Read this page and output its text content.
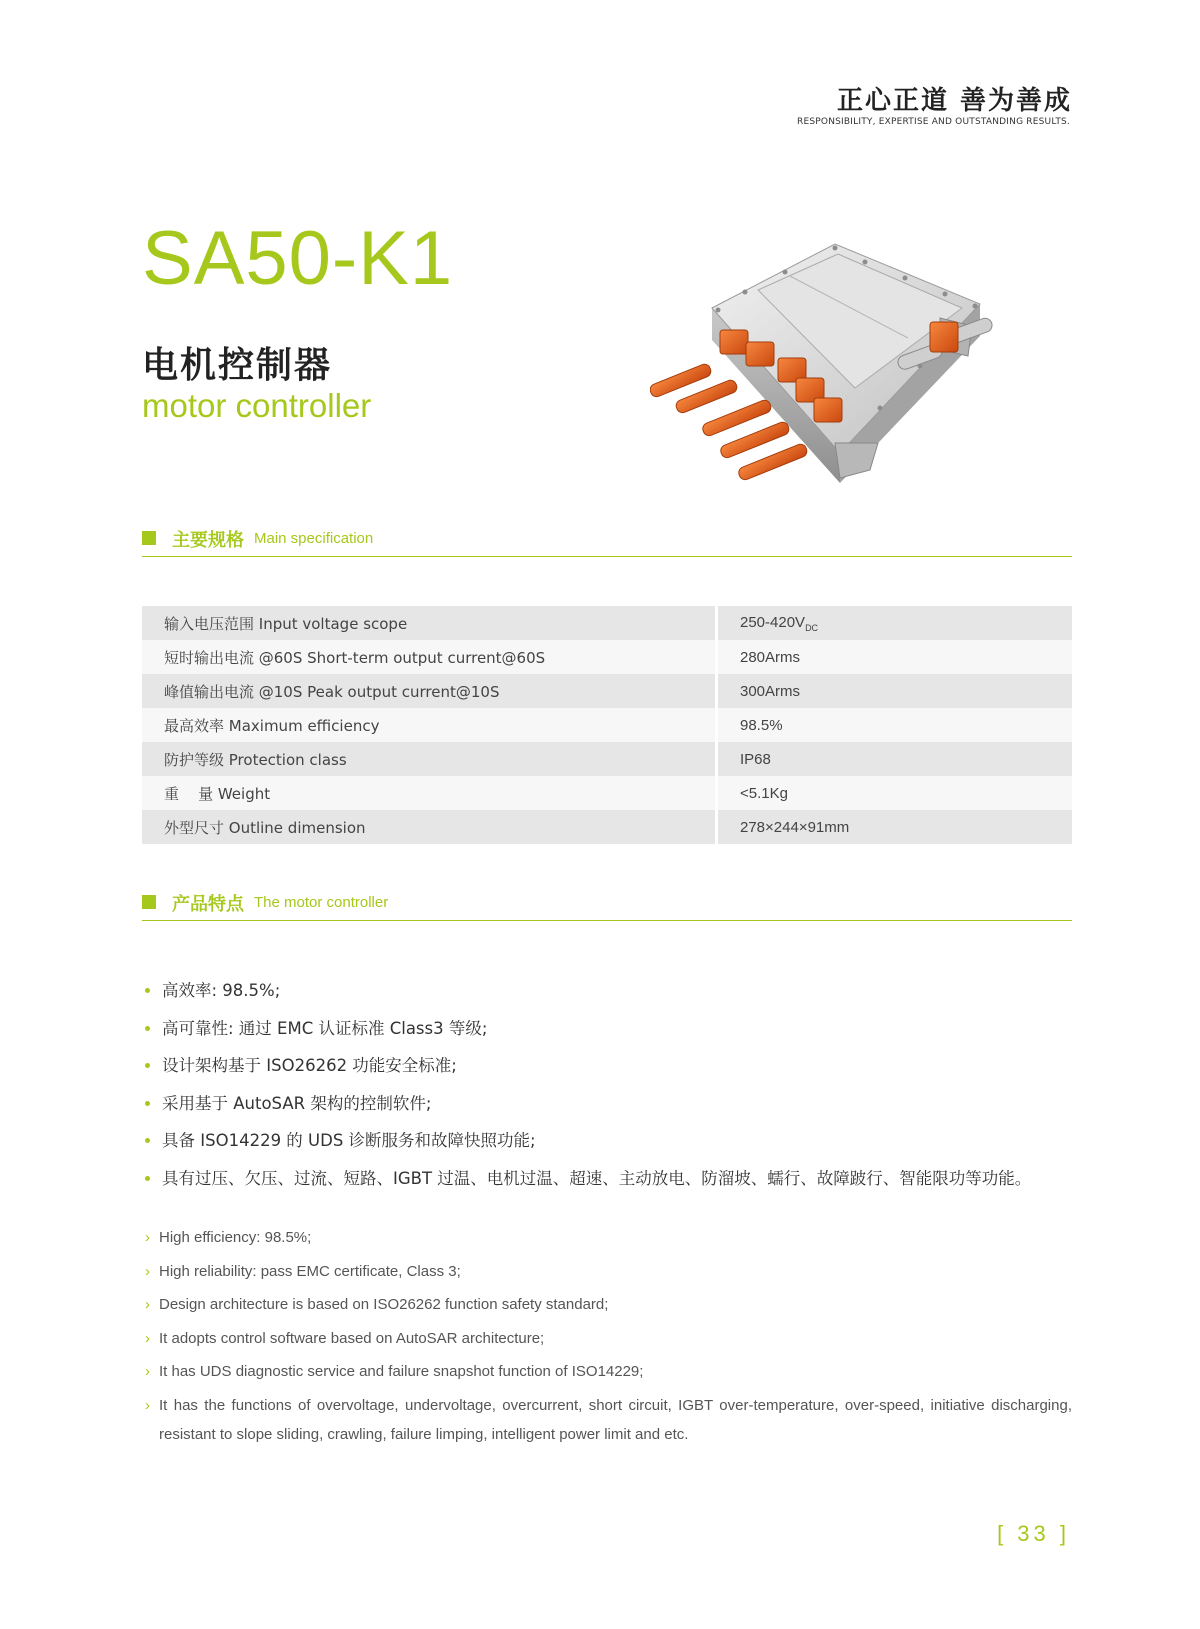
正心正道 善为善成
RESPONSIBILITY, EXPERTISE AND OUTSTANDING RESULTS.
SA50-K1
电机控制器
motor controller
主要规格 Main specification
输入电压范围 Input voltage scope	$250-420V_{DC}$
短时输出电流 @60S Short-term output current@60S	280Arms
峰值输出电流 @10S Peak output current@10S	300Arms
最高效率 Maximum efficiency	98.5%
防护等级 Protection class	IP68
重    量 Weight	<5.1Kg
外型尺寸 Outline dimension	278×244×91mm
产品特点 The motor controller
高效率: 98.5%;
高可靠性: 通过 EMC 认证标准 Class3 等级;
设计架构基于 ISO26262 功能安全标准;
采用基于 AutoSAR 架构的控制软件;
具备 ISO14229 的 UDS 诊断服务和故障快照功能;
具有过压、欠压、过流、短路、IGBT 过温、电机过温、超速、主动放电、防溜坡、蠕行、故障跛行、智能限功等功能。
› High efficiency: 98.5%;
› High reliability: pass EMC certificate, Class 3;
› Design architecture is based on ISO26262 function safety standard;
› It adopts control software based on AutoSAR architecture;
› It has UDS diagnostic service and failure snapshot function of ISO14229;
› It has the functions of overvoltage, undervoltage, overcurrent, short circuit, IGBT over-temperature, over-speed, initiative discharging, resistant to slope sliding, crawling, failure limping, intelligent power limit and etc.
[ 33 ]
